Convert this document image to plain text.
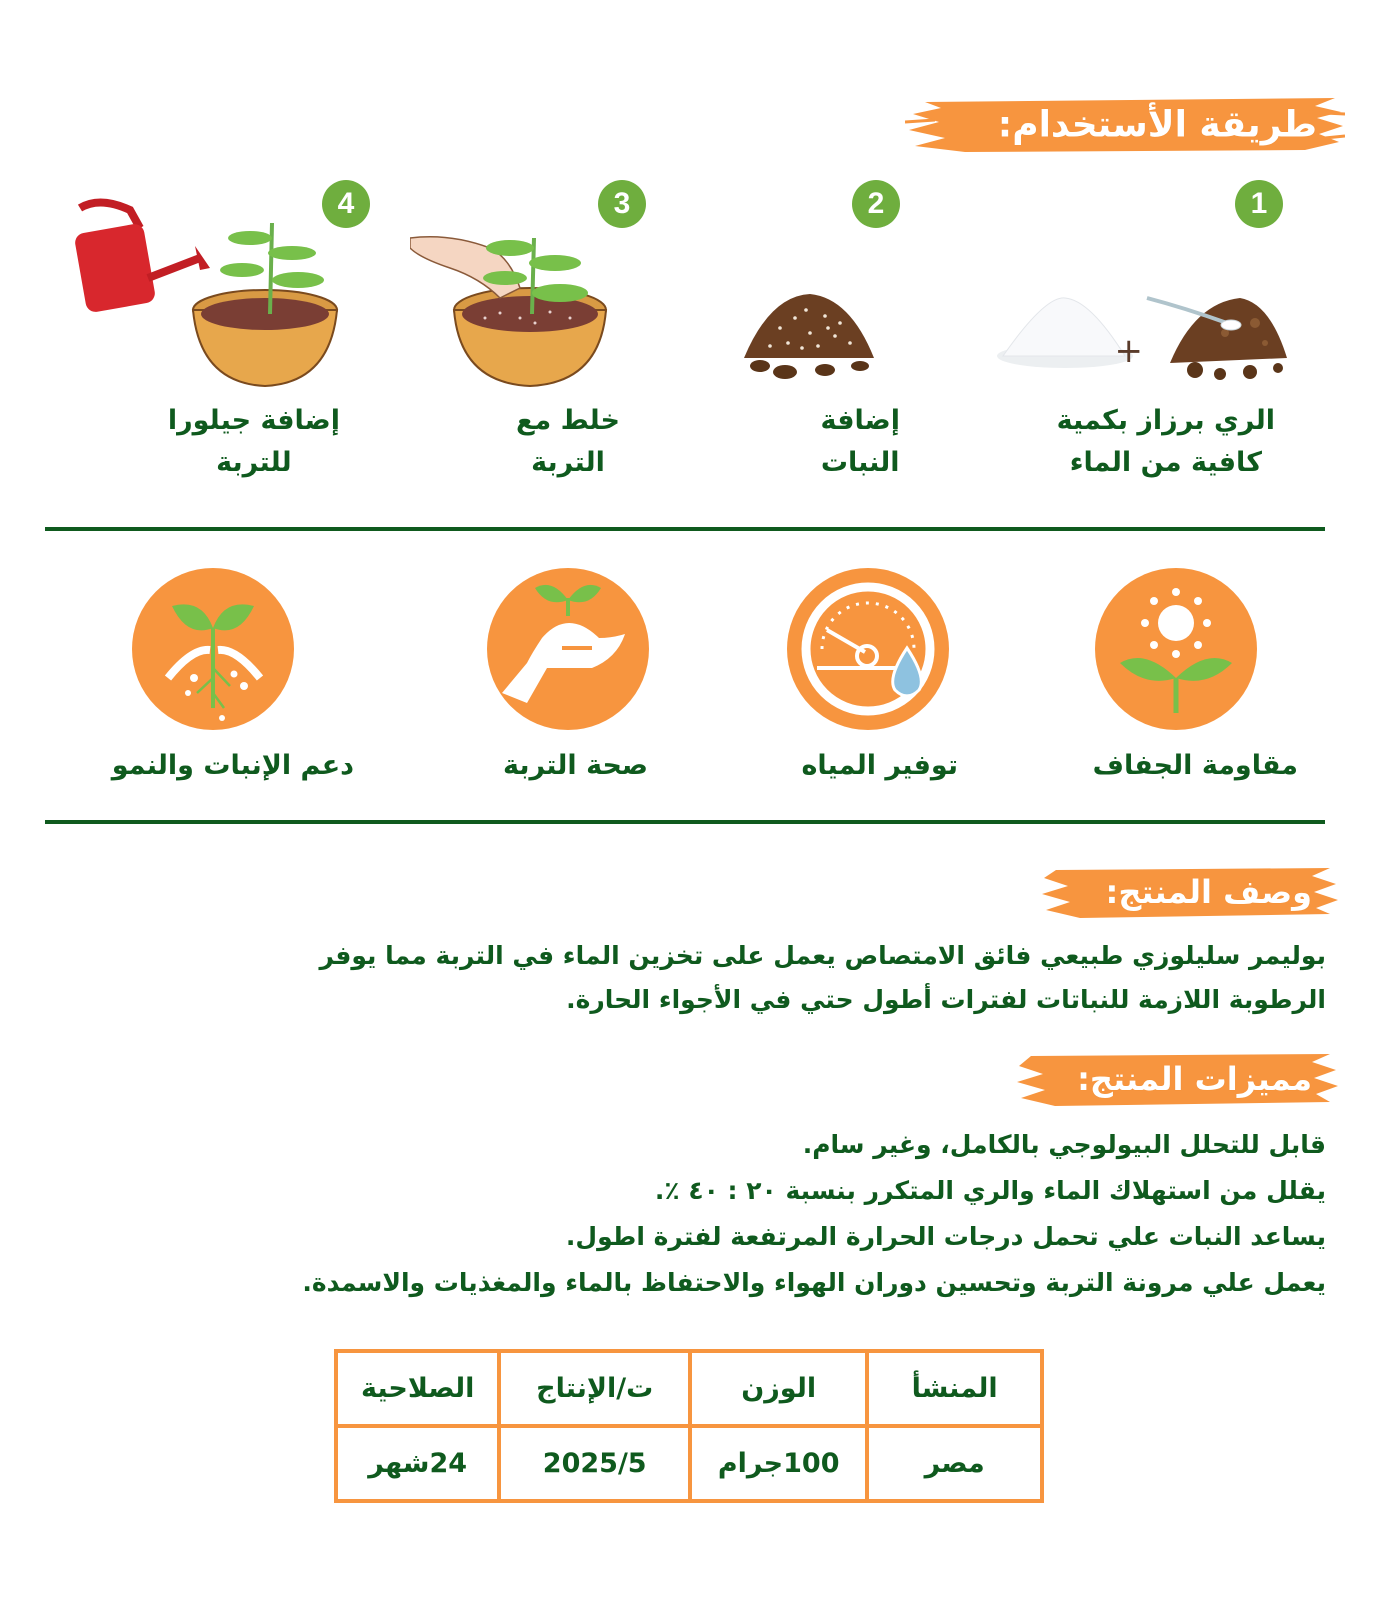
طريقة الأستخدام:
1
+
الري برزاز بكمية
كافية من الماء
2
إضافة
النبات
3
خلط مع
التربة
4
إضافة جيلورا
للتربة
مقاومة الجفاف
توفير المياه
صحة التربة
دعم الإنبات والنمو
وصف المنتج:
بوليمر سليلوزي طبيعي فائق الامتصاص يعمل على تخزين الماء في التربة مما يوفر
الرطوبة اللازمة للنباتات لفترات أطول حتي في الأجواء الحارة.
مميزات المنتج:
قابل للتحلل البيولوجي بالكامل، وغير سام.
يقلل من استهلاك الماء والري المتكرر بنسبة ٢٠ : ٤٠ ٪.
يساعد النبات علي تحمل درجات الحرارة المرتفعة لفترة اطول.
يعمل علي مرونة التربة وتحسين دوران الهواء والاحتفاظ بالماء والمغذيات والاسمدة.
المنشأ	الوزن	ت/الإنتاج	الصلاحية
مصر	100جرام	2025/5	24شهر
